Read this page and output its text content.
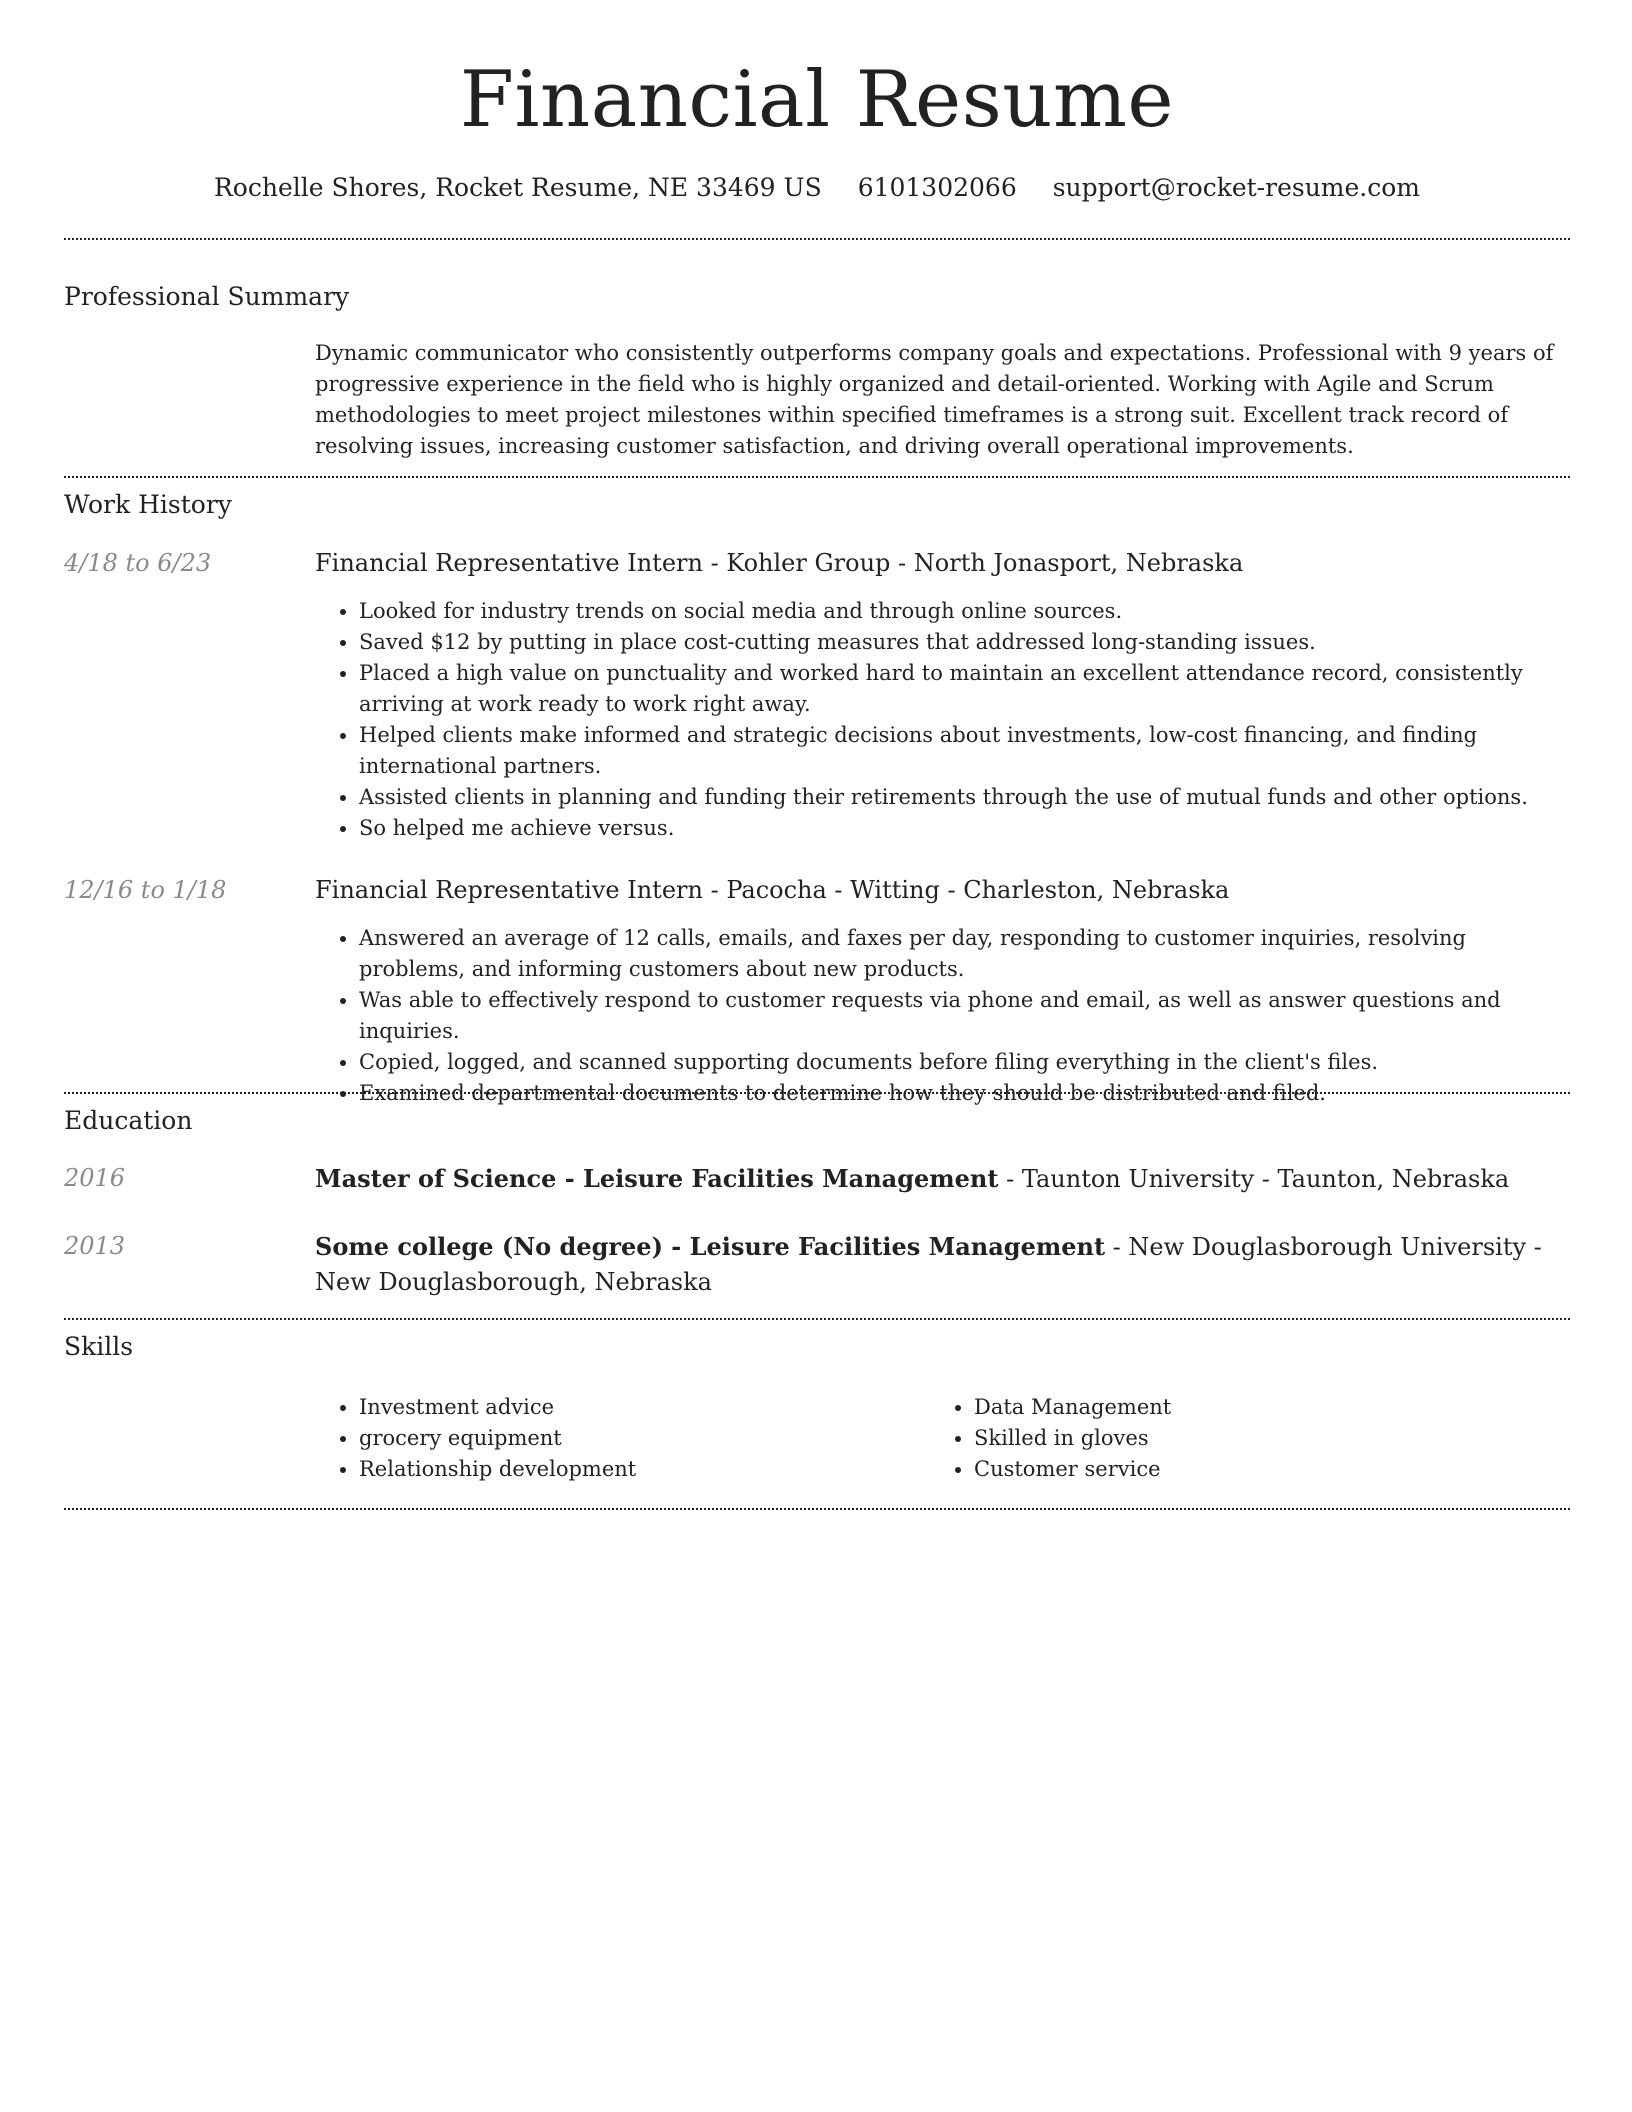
Financial Resume
Rochelle Shores, Rocket Resume, NE 33469 US 6101302066 support@rocket-resume.com
Professional Summary
Dynamic communicator who consistently outperforms company goals and expectations. Professional with 9 years of progressive experience in the field who is highly organized and detail-oriented. Working with Agile and Scrum methodologies to meet project milestones within specified timeframes is a strong suit. Excellent track record of resolving issues, increasing customer satisfaction, and driving overall operational improvements.
Work History
4/18 to 6/23	Financial Representative Intern - Kohler Group - North Jonasport, Nebraska
• Looked for industry trends on social media and through online sources.
• Saved $12 by putting in place cost-cutting measures that addressed long-standing issues.
• Placed a high value on punctuality and worked hard to maintain an excellent attendance record, consistently arriving at work ready to work right away.
• Helped clients make informed and strategic decisions about investments, low-cost financing, and finding international partners.
• Assisted clients in planning and funding their retirements through the use of mutual funds and other options.
• So helped me achieve versus.
12/16 to 1/18	Financial Representative Intern - Pacocha - Witting - Charleston, Nebraska
• Answered an average of 12 calls, emails, and faxes per day, responding to customer inquiries, resolving problems, and informing customers about new products.
• Was able to effectively respond to customer requests via phone and email, as well as answer questions and inquiries.
• Copied, logged, and scanned supporting documents before filing everything in the client's files.
• Examined departmental documents to determine how they should be distributed and filed.
Education
2016	Master of Science - Leisure Facilities Management - Taunton University - Taunton, Nebraska
2013	Some college (No degree) - Leisure Facilities Management - New Douglasborough University - New Douglasborough, Nebraska
Skills
• Investment advice
• grocery equipment
• Relationship development
• Data Management
• Skilled in gloves
• Customer service
